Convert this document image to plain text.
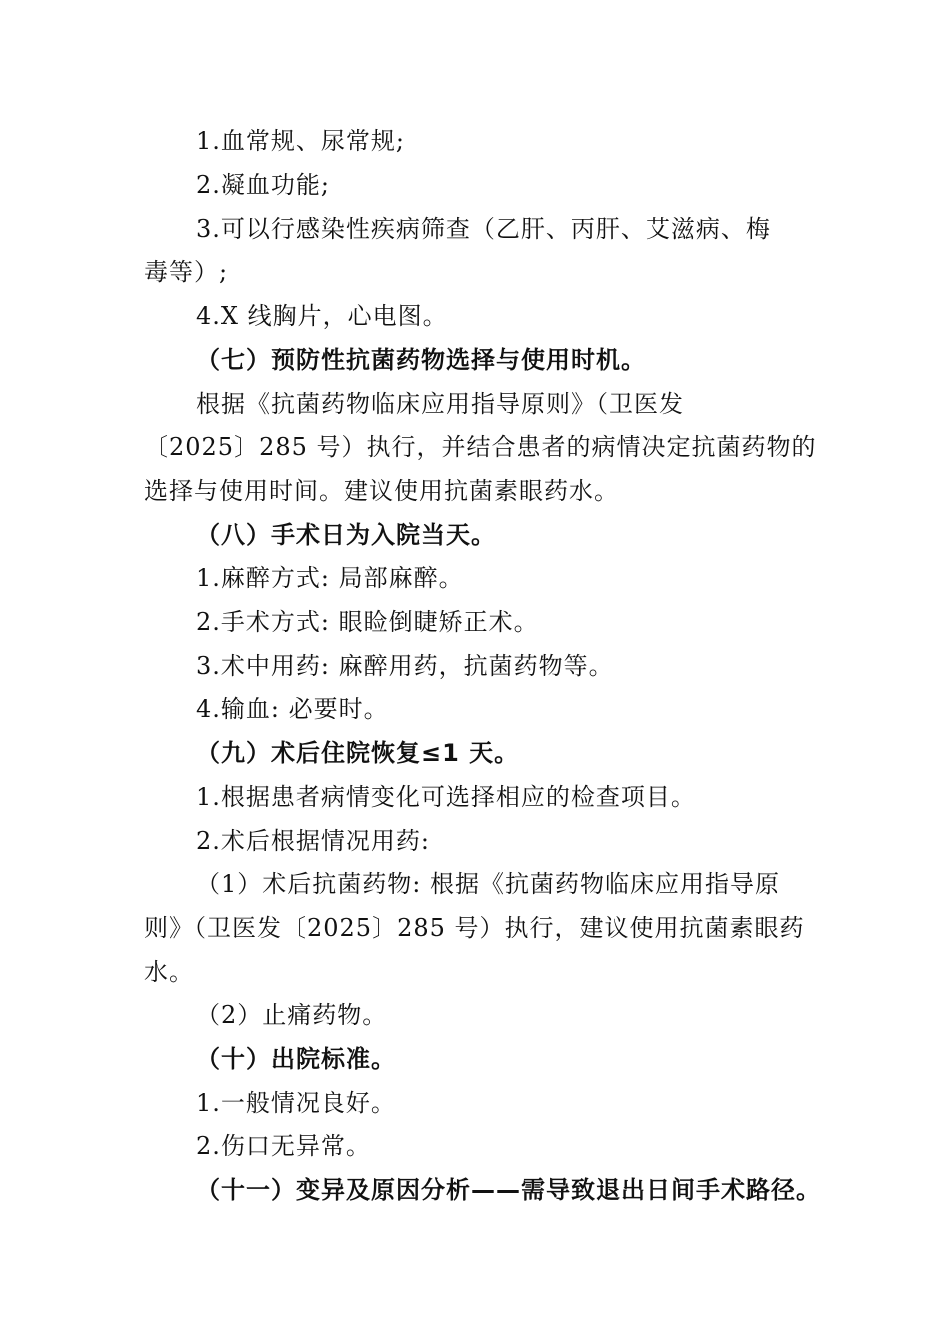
1.血常规、尿常规;

2.凝血功能;

3.可以行感染性疾病筛查（乙肝、丙肝、艾滋病、梅

毒等）;

4.X 线胸片，心电图。

（七）预防性抗菌药物选择与使用时机。

根据《抗菌药物临床应用指导原则》（卫医发

〔2025〕285 号）执行，并结合患者的病情决定抗菌药物的

选择与使用时间。建议使用抗菌素眼药水。

（八）手术日为入院当天。

1.麻醉方式: 局部麻醉。

2.手术方式: 眼睑倒睫矫正术。

3.术中用药: 麻醉用药，抗菌药物等。

4.输血: 必要时。

（九）术后住院恢复≤1 天。

1.根据患者病情变化可选择相应的检查项目。

2.术后根据情况用药:

（1）术后抗菌药物: 根据《抗菌药物临床应用指导原

则》（卫医发〔2025〕285 号）执行，建议使用抗菌素眼药

水。

（2）止痛药物。

（十）出院标准。

1.一般情况良好。

2.伤口无异常。

（十一）变异及原因分析——需导致退出日间手术路径。
